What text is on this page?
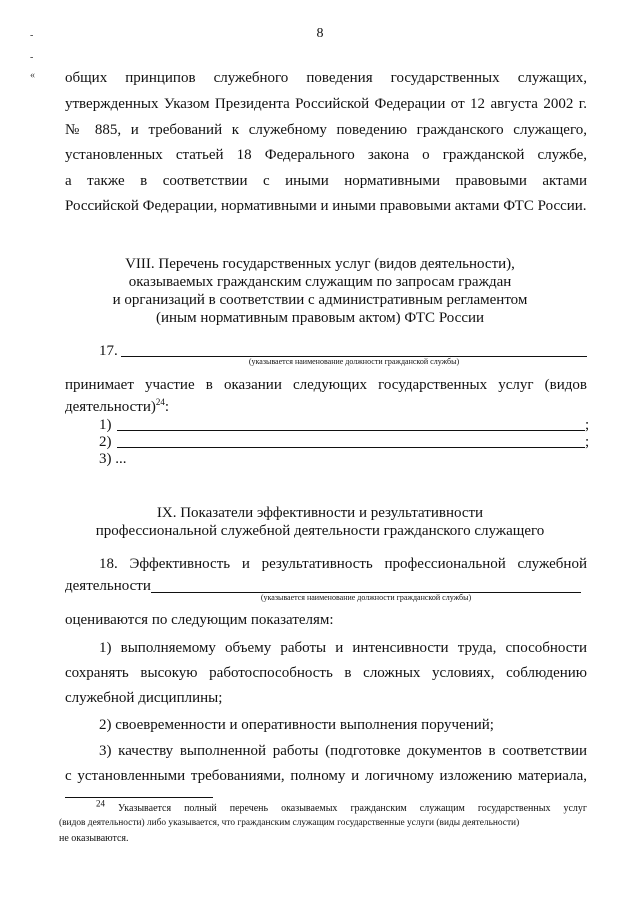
8
-
-
« общих принципов служебного поведения государственных служащих,
утвержденных Указом Президента Российской Федерации от 12 августа 2002 г.
№ 885, и требований к служебному поведению гражданского служащего,
установленных статьей 18 Федерального закона о гражданской службе,
а также в соответствии с иными нормативными правовыми актами
Российской Федерации, нормативными и иными правовыми актами ФТС России.
VIII. Перечень государственных услуг (видов деятельности),
оказываемых гражданским служащим по запросам граждан
и организаций в соответствии с административным регламентом
(иным нормативным правовым актом) ФТС России
17.
(указывается наименование должности гражданской службы)
принимает участие в оказании следующих государственных услуг (видов
деятельности)$^{24}$:
1)	;
2)	;
3) ...
IX. Показатели эффективности и результативности
профессиональной служебной деятельности гражданского служащего
18. Эффективность и результативность профессиональной служебной
деятельности
(указывается наименование должности гражданской службы)
оцениваются по следующим показателям:
1) выполняемому объему работы и интенсивности труда, способности
сохранять высокую работоспособность в сложных условиях, соблюдению
служебной дисциплины;
2) своевременности и оперативности выполнения поручений;
3) качеству выполненной работы (подготовке документов в соответствии
с установленными требованиями, полному и логичному изложению материала,
$^{24}$ Указывается полный перечень оказываемых гражданским служащим государственных услуг
(видов деятельности) либо указывается, что гражданским служащим государственные услуги (виды деятельности)
не оказываются.
